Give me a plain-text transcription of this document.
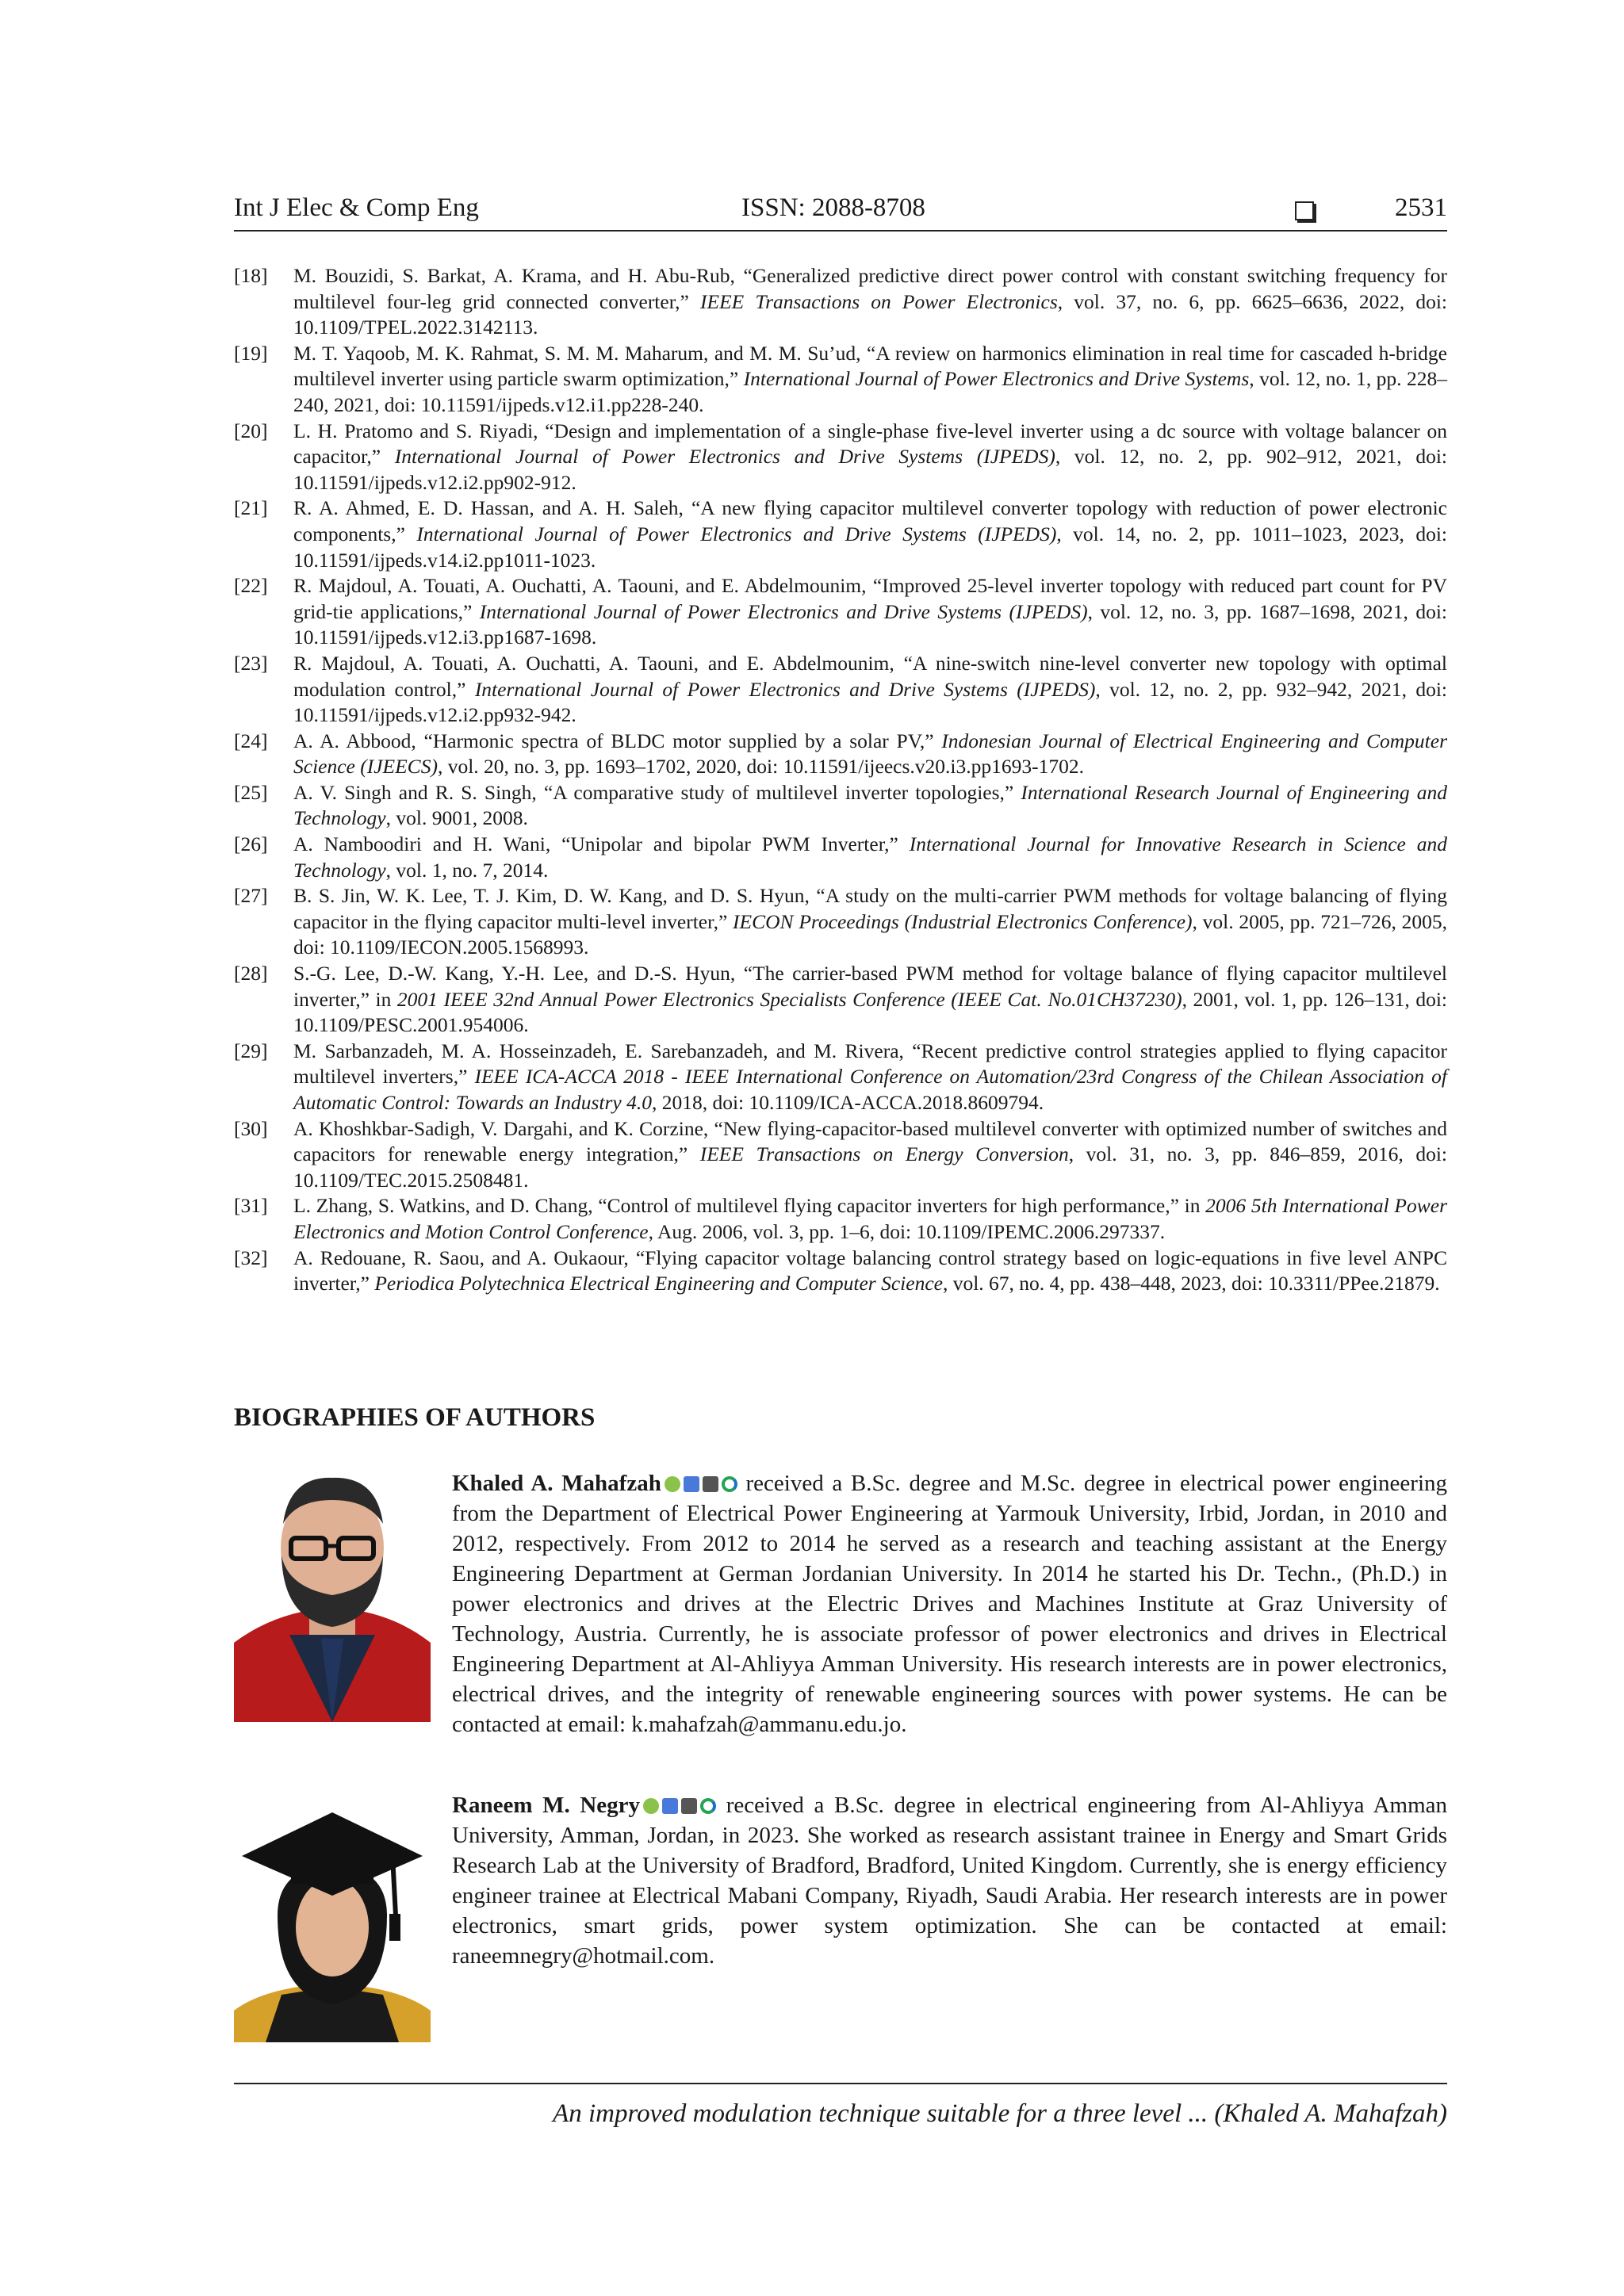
Int J Elec & Comp Eng	ISSN: 2088-8708	2531
[18]	M. Bouzidi, S. Barkat, A. Krama, and H. Abu-Rub, “Generalized predictive direct power control with constant switching frequency for multilevel four-leg grid connected converter,” IEEE Transactions on Power Electronics, vol. 37, no. 6, pp. 6625–6636, 2022, doi: 10.1109/TPEL.2022.3142113.
[19]	M. T. Yaqoob, M. K. Rahmat, S. M. M. Maharum, and M. M. Su’ud, “A review on harmonics elimination in real time for cascaded h-bridge multilevel inverter using particle swarm optimization,” International Journal of Power Electronics and Drive Systems, vol. 12, no. 1, pp. 228–240, 2021, doi: 10.11591/ijpeds.v12.i1.pp228-240.
[20]	L. H. Pratomo and S. Riyadi, “Design and implementation of a single-phase five-level inverter using a dc source with voltage balancer on capacitor,” International Journal of Power Electronics and Drive Systems (IJPEDS), vol. 12, no. 2, pp. 902–912, 2021, doi: 10.11591/ijpeds.v12.i2.pp902-912.
[21]	R. A. Ahmed, E. D. Hassan, and A. H. Saleh, “A new flying capacitor multilevel converter topology with reduction of power electronic components,” International Journal of Power Electronics and Drive Systems (IJPEDS), vol. 14, no. 2, pp. 1011–1023, 2023, doi: 10.11591/ijpeds.v14.i2.pp1011-1023.
[22]	R. Majdoul, A. Touati, A. Ouchatti, A. Taouni, and E. Abdelmounim, “Improved 25-level inverter topology with reduced part count for PV grid-tie applications,” International Journal of Power Electronics and Drive Systems (IJPEDS), vol. 12, no. 3, pp. 1687–1698, 2021, doi: 10.11591/ijpeds.v12.i3.pp1687-1698.
[23]	R. Majdoul, A. Touati, A. Ouchatti, A. Taouni, and E. Abdelmounim, “A nine-switch nine-level converter new topology with optimal modulation control,” International Journal of Power Electronics and Drive Systems (IJPEDS), vol. 12, no. 2, pp. 932–942, 2021, doi: 10.11591/ijpeds.v12.i2.pp932-942.
[24]	A. A. Abbood, “Harmonic spectra of BLDC motor supplied by a solar PV,” Indonesian Journal of Electrical Engineering and Computer Science (IJEECS), vol. 20, no. 3, pp. 1693–1702, 2020, doi: 10.11591/ijeecs.v20.i3.pp1693-1702.
[25]	A. V. Singh and R. S. Singh, “A comparative study of multilevel inverter topologies,” International Research Journal of Engineering and Technology, vol. 9001, 2008.
[26]	A. Namboodiri and H. Wani, “Unipolar and bipolar PWM Inverter,” International Journal for Innovative Research in Science and Technology, vol. 1, no. 7, 2014.
[27]	B. S. Jin, W. K. Lee, T. J. Kim, D. W. Kang, and D. S. Hyun, “A study on the multi-carrier PWM methods for voltage balancing of flying capacitor in the flying capacitor multi-level inverter,” IECON Proceedings (Industrial Electronics Conference), vol. 2005, pp. 721–726, 2005, doi: 10.1109/IECON.2005.1568993.
[28]	S.-G. Lee, D.-W. Kang, Y.-H. Lee, and D.-S. Hyun, “The carrier-based PWM method for voltage balance of flying capacitor multilevel inverter,” in 2001 IEEE 32nd Annual Power Electronics Specialists Conference (IEEE Cat. No.01CH37230), 2001, vol. 1, pp. 126–131, doi: 10.1109/PESC.2001.954006.
[29]	M. Sarbanzadeh, M. A. Hosseinzadeh, E. Sarebanzadeh, and M. Rivera, “Recent predictive control strategies applied to flying capacitor multilevel inverters,” IEEE ICA-ACCA 2018 - IEEE International Conference on Automation/23rd Congress of the Chilean Association of Automatic Control: Towards an Industry 4.0, 2018, doi: 10.1109/ICA-ACCA.2018.8609794.
[30]	A. Khoshkbar-Sadigh, V. Dargahi, and K. Corzine, “New flying-capacitor-based multilevel converter with optimized number of switches and capacitors for renewable energy integration,” IEEE Transactions on Energy Conversion, vol. 31, no. 3, pp. 846–859, 2016, doi: 10.1109/TEC.2015.2508481.
[31]	L. Zhang, S. Watkins, and D. Chang, “Control of multilevel flying capacitor inverters for high performance,” in 2006 5th International Power Electronics and Motion Control Conference, Aug. 2006, vol. 3, pp. 1–6, doi: 10.1109/IPEMC.2006.297337.
[32]	A. Redouane, R. Saou, and A. Oukaour, “Flying capacitor voltage balancing control strategy based on logic-equations in five level ANPC inverter,” Periodica Polytechnica Electrical Engineering and Computer Science, vol. 67, no. 4, pp. 438–448, 2023, doi: 10.3311/PPee.21879.
BIOGRAPHIES OF AUTHORS
Khaled A. Mahafzah	received a B.Sc. degree and M.Sc. degree in electrical power engineering from the Department of Electrical Power Engineering at Yarmouk University, Irbid, Jordan, in 2010 and 2012, respectively. From 2012 to 2014 he served as a research and teaching assistant at the Energy Engineering Department at German Jordanian University. In 2014 he started his Dr. Techn., (Ph.D.) in power electronics and drives at the Electric Drives and Machines Institute at Graz University of Technology, Austria. Currently, he is associate professor of power electronics and drives in Electrical Engineering Department at Al-Ahliyya Amman University. His research interests are in power electronics, electrical drives, and the integrity of renewable engineering sources with power systems. He can be contacted at email: k.mahafzah@ammanu.edu.jo.
Raneem M. Negry	received a B.Sc. degree in electrical engineering from Al-Ahliyya Amman University, Amman, Jordan, in 2023. She worked as research assistant trainee in Energy and Smart Grids Research Lab at the University of Bradford, Bradford, United Kingdom. Currently, she is energy efficiency engineer trainee at Electrical Mabani Company, Riyadh, Saudi Arabia. Her research interests are in power electronics, smart grids, power system optimization. She can be contacted at email: raneemnegry@hotmail.com.
An improved modulation technique suitable for a three level ... (Khaled A. Mahafzah)
